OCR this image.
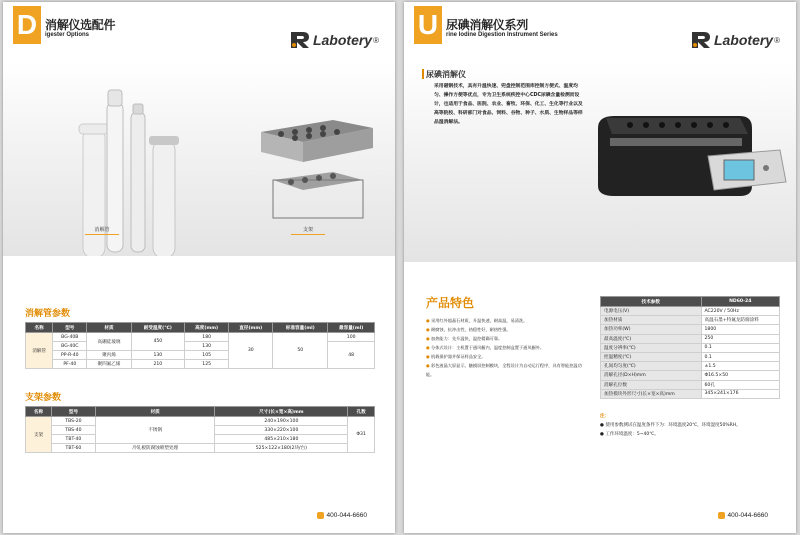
D 消解仪选配件
igester Options	Labotery ®
消解管	支架
消解管参数
名称	型号	材质	耐受温度(℃)	高度(mm)	直径(mm)	标准容量(ml)	最容量(ml)
消解管	BG-40B	高硼硅玻璃	450	180	30	50	100
	BG-40C			130			48
	PP-R-40	聚丙烯	130	105			
	PF-40	聚四氟乙烯	210	125			
支架参数
名称	型号	材质	尺寸(长×宽×高)mm	孔数
支架	TBS-20	不锈钢	240×190×100	Φ31
	TBS-40		330×220×100	
	TBT-40		485×210×180	
	TBT-60	冷轧板防腐蚀喷塑处理	525×122×180(2块/台)	
400-044-6660
U 尿碘消解仪系列
rine Iodine Digestion Instrument Series	Labotery ®
尿碘消解仪
采用磁钢技术，具有升温快速、兜盘控制范围库控制方便式、温度均匀、操作方便等优点，专为卫生系统疾控中心CDC尿碘含量检测而设计，也适用于食品、医院、农业、畜牧、环保、化工、生化等行业以及高等院校、科研部门对食品、饲料、谷物、种子、水质、生物样品等样品湿消解法。
产品特色
● 采用红外超晶石材质，升温快速，耐高温，易清洗。
● 耐腐蚀，抗冲击性，热稳性好，耐热性强。
● 加热能力：先升温快，温控精确可靠。
● 分体式设计：主机置于通风橱内，温度控制盒置于通风橱外。
● 机载保护器并保证样品安全。
● 彩色液晶大屏显示，触摸屏控制模块，全程设计为自动运行程序，具有智能控温功能。
技术参数	ND60-24
电源电压(V)	AC220V / 50Hz
加热材质	高温石墨+特氟龙防腐涂料
加热功率(W)	1800
最高温度(℃)	250
温度分辨率(℃)	0.1
控温精度(℃)	0.1
孔间均匀度(℃)	±1.5
消解孔径(D×H)mm	Φ16.5×50
消解孔位数	60孔
加热模块外形尺寸(长×宽×高)mm	345×241×176
注：
● 使用参数测试在温度条件下为：环境温度20℃，环境湿度50%RH。
● 工作环境温度：5~40℃。
400-044-6660
